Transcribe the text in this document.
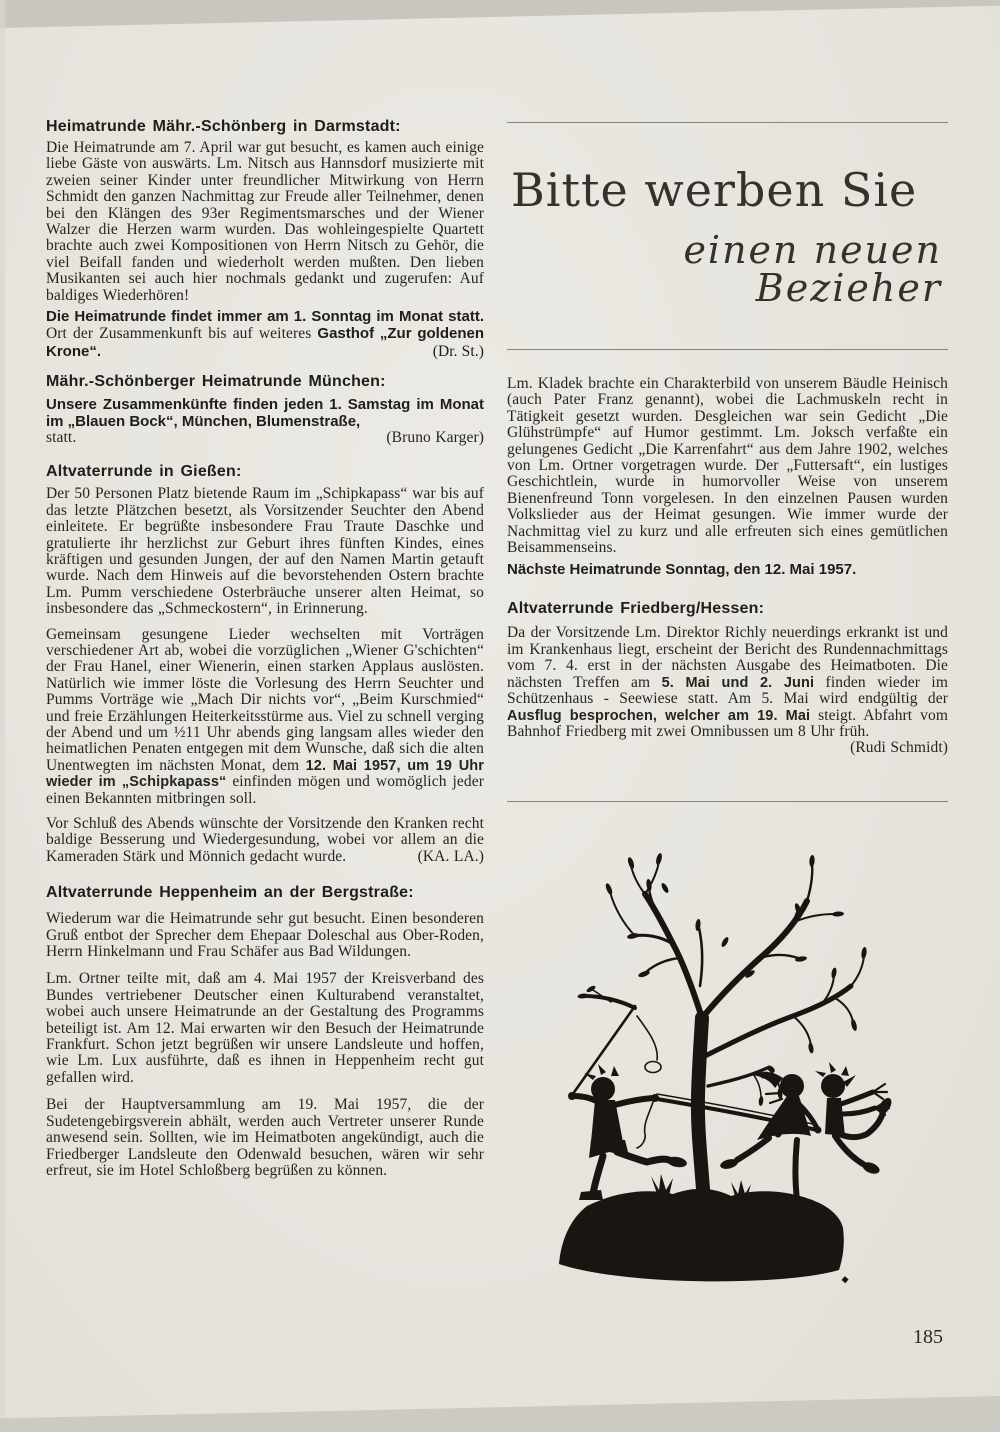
Heimatrunde Mähr.-Schönberg in Darmstadt:

Die Heimatrunde am 7. April war gut besucht, es kamen auch einige liebe Gäste von auswärts. Lm. Nitsch aus Hannsdorf musizierte mit zweien seiner Kinder unter freundlicher Mitwirkung von Herrn Schmidt den ganzen Nachmittag zur Freude aller Teilnehmer, denen bei den Klängen des 93er Regimentsmarsches und der Wiener Walzer die Herzen warm wurden. Das wohleingespielte Quartett brachte auch zwei Kompositionen von Herrn Nitsch zu Gehör, die viel Beifall fanden und wiederholt werden mußten. Den lieben Musikanten sei auch hier nochmals gedankt und zugerufen: Auf baldiges Wiederhören!

Die Heimatrunde findet immer am 1. Sonntag im Monat statt. Ort der Zusammenkunft bis auf weiteres Gasthof „Zur goldenen Krone“.	(Dr. St.)

Mähr.-Schönberger Heimatrunde München:

Unsere Zusammenkünfte finden jeden 1. Samstag im Monat im „Blauen Bock“, München, Blumenstraße,

statt.	(Bruno Karger)

Altvaterrunde in Gießen:

Der 50 Personen Platz bietende Raum im „Schipkapass“ war bis auf das letzte Plätzchen besetzt, als Vorsitzender Seuchter den Abend einleitete. Er begrüßte insbesondere Frau Traute Daschke und gratulierte ihr herzlichst zur Geburt ihres fünften Kindes, eines kräftigen und gesunden Jungen, der auf den Namen Martin getauft wurde. Nach dem Hinweis auf die bevorstehenden Ostern brachte Lm. Pumm verschiedene Osterbräuche unserer alten Heimat, so insbesondere das „Schmeckostern“, in Erinnerung.

Gemeinsam gesungene Lieder wechselten mit Vorträgen verschiedener Art ab, wobei die vorzüglichen „Wiener G'schichten“ der Frau Hanel, einer Wienerin, einen starken Applaus auslösten. Natürlich wie immer löste die Vorlesung des Herrn Seuchter und Pumms Vorträge wie „Mach Dir nichts vor“, „Beim Kurschmied“ und freie Erzählungen Heiterkeitsstürme aus. Viel zu schnell verging der Abend und um ½11 Uhr abends ging langsam alles wieder den heimatlichen Penaten entgegen mit dem Wunsche, daß sich die alten Unentwegten im nächsten Monat, dem 12. Mai 1957, um 19 Uhr wieder im „Schipkapass“ einfinden mögen und womöglich jeder einen Bekannten mitbringen soll.

Vor Schluß des Abends wünschte der Vorsitzende den Kranken recht baldige Besserung und Wiedergesundung, wobei vor allem an die Kameraden Stärk und Mönnich gedacht wurde.	(KA. LA.)

Altvaterrunde Heppenheim an der Bergstraße:

Wiederum war die Heimatrunde sehr gut besucht. Einen besonderen Gruß entbot der Sprecher dem Ehepaar Doleschal aus Ober-Roden, Herrn Hinkelmann und Frau Schäfer aus Bad Wildungen.

Lm. Ortner teilte mit, daß am 4. Mai 1957 der Kreisverband des Bundes vertriebener Deutscher einen Kulturabend veranstaltet, wobei auch unsere Heimatrunde an der Gestaltung des Programms beteiligt ist. Am 12. Mai erwarten wir den Besuch der Heimatrunde Frankfurt. Schon jetzt begrüßen wir unsere Landsleute und hoffen, wie Lm. Lux ausführte, daß es ihnen in Heppenheim recht gut gefallen wird.

Bei der Hauptversammlung am 19. Mai 1957, die der Sudetengebirgsverein abhält, werden auch Vertreter unserer Runde anwesend sein. Sollten, wie im Heimatboten angekündigt, auch die Friedberger Landsleute den Odenwald besuchen, wären wir sehr erfreut, sie im Hotel Schloßberg begrüßen zu können.

Bitte werben Sie
einen neuen Bezieher

Lm. Kladek brachte ein Charakterbild von unserem Bäudle Heinisch (auch Pater Franz genannt), wobei die Lachmuskeln recht in Tätigkeit gesetzt wurden. Desgleichen war sein Gedicht „Die Glühstrümpfe“ auf Humor gestimmt. Lm. Joksch verfaßte ein gelungenes Gedicht „Die Karrenfahrt“ aus dem Jahre 1902, welches von Lm. Ortner vorgetragen wurde. Der „Futtersaft“, ein lustiges Geschichtlein, wurde in humorvoller Weise von unserem Bienenfreund Tonn vorgelesen. In den einzelnen Pausen wurden Volkslieder aus der Heimat gesungen. Wie immer wurde der Nachmittag viel zu kurz und alle erfreuten sich eines gemütlichen Beisammenseins.

Nächste Heimatrunde Sonntag, den 12. Mai 1957.

Altvaterrunde Friedberg/Hessen:

Da der Vorsitzende Lm. Direktor Richly neuerdings erkrankt ist und im Krankenhaus liegt, erscheint der Bericht des Rundennachmittags vom 7. 4. erst in der nächsten Ausgabe des Heimatboten. Die nächsten Treffen am 5. Mai und 2. Juni finden wieder im Schützenhaus - Seewiese statt. Am 5. Mai wird endgültig der Ausflug besprochen, welcher am 19. Mai steigt. Abfahrt vom Bahnhof Friedberg mit zwei Omnibussen um 8 Uhr früh.
(Rudi Schmidt)

185
